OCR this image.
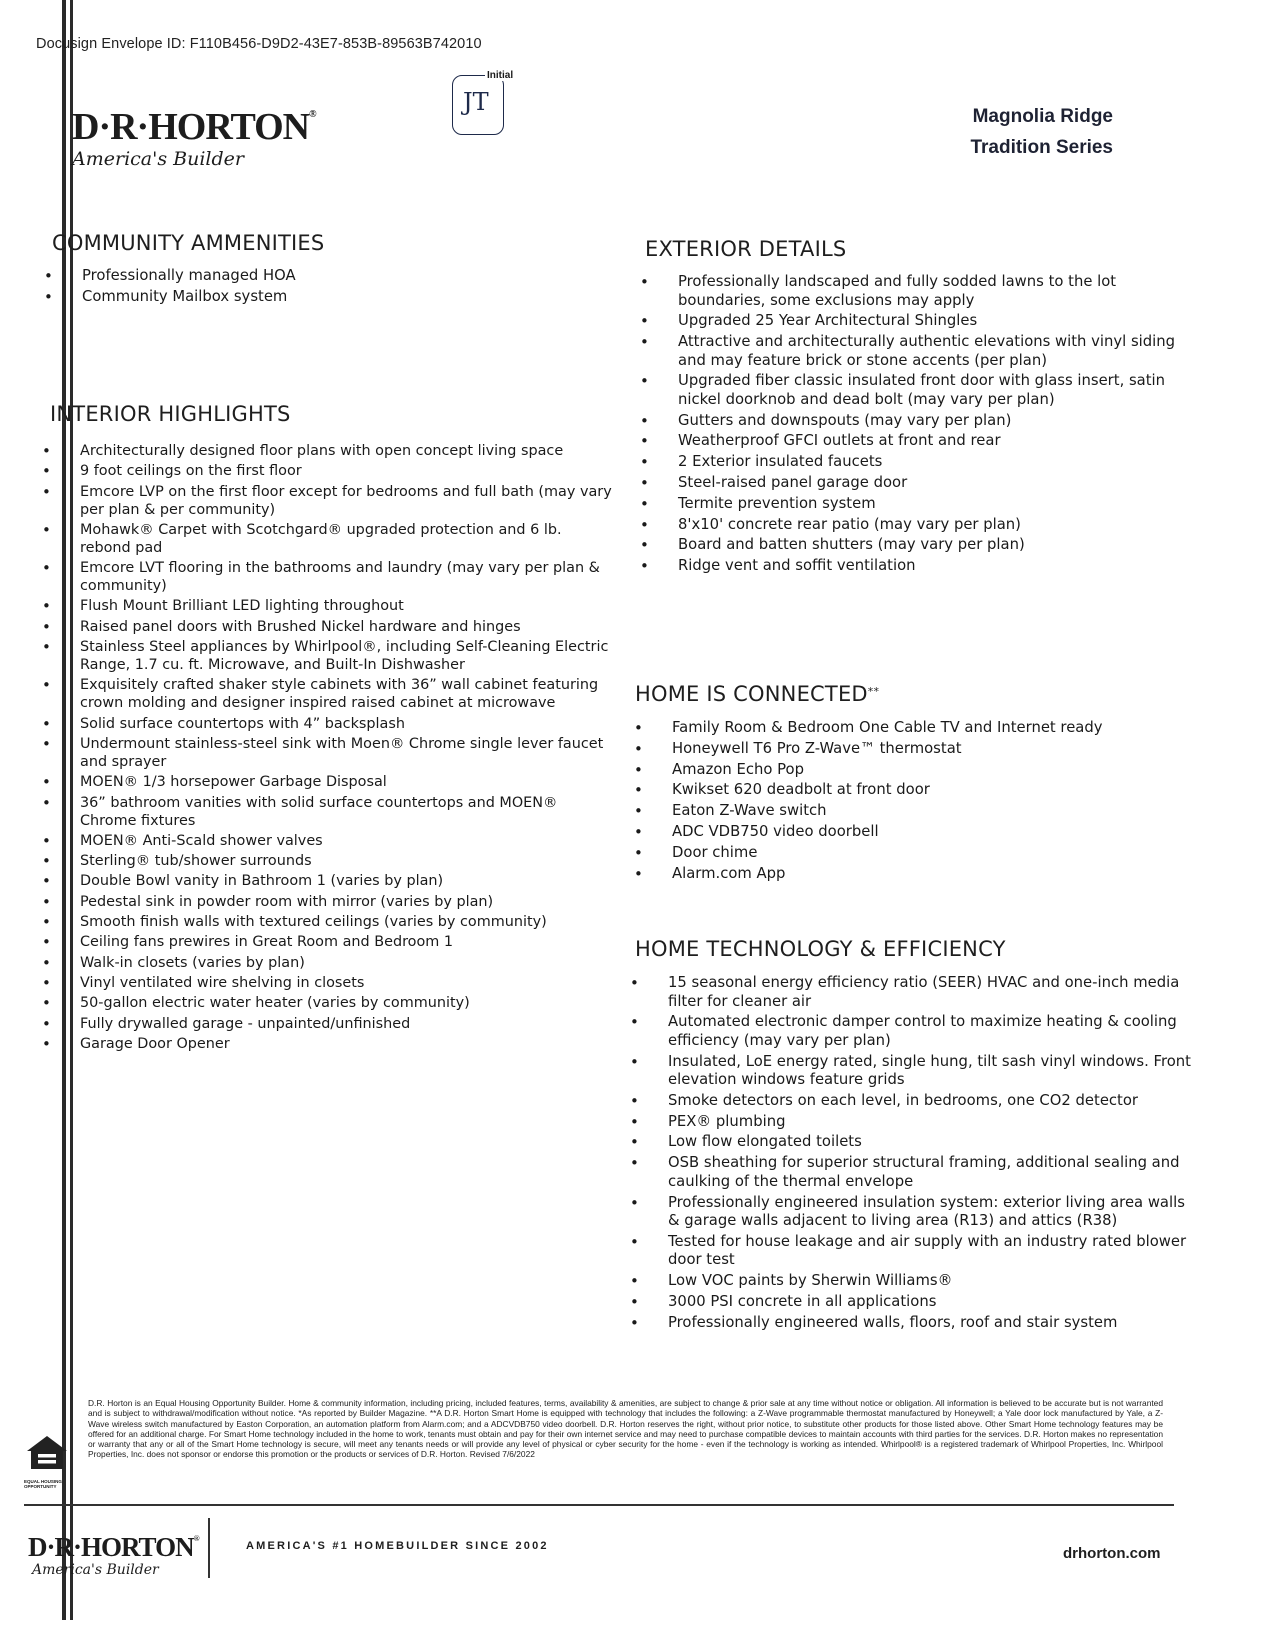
Docusign Envelope ID: F110B456-D9D2-43E7-853B-89563B742010
D·R·HORTON®
America's Builder
JT
Initial
Magnolia Ridge
Tradition Series
COMMUNITY AMMENITIES
• Professionally managed HOA
• Community Mailbox system
INTERIOR HIGHLIGHTS
• Architecturally designed floor plans with open concept living space
• 9 foot ceilings on the first floor
• Emcore LVP on the first floor except for bedrooms and full bath (may vary per plan & per community)
• Mohawk® Carpet with Scotchgard® upgraded protection and 6 lb. rebond pad
• Emcore LVT flooring in the bathrooms and laundry (may vary per plan & community)
• Flush Mount Brilliant LED lighting throughout
• Raised panel doors with Brushed Nickel hardware and hinges
• Stainless Steel appliances by Whirlpool®, including Self-Cleaning Electric Range, 1.7 cu. ft. Microwave, and Built-In Dishwasher
• Exquisitely crafted shaker style cabinets with 36” wall cabinet featuring crown molding and designer inspired raised cabinet at microwave
• Solid surface countertops with 4” backsplash
• Undermount stainless-steel sink with Moen® Chrome single lever faucet and sprayer
• MOEN® 1/3 horsepower Garbage Disposal
• 36” bathroom vanities with solid surface countertops and MOEN® Chrome fixtures
• MOEN® Anti-Scald shower valves
• Sterling® tub/shower surrounds
• Double Bowl vanity in Bathroom 1 (varies by plan)
• Pedestal sink in powder room with mirror (varies by plan)
• Smooth finish walls with textured ceilings (varies by community)
• Ceiling fans prewires in Great Room and Bedroom 1
• Walk-in closets (varies by plan)
• Vinyl ventilated wire shelving in closets
• 50-gallon electric water heater (varies by community)
• Fully drywalled garage - unpainted/unfinished
• Garage Door Opener
EXTERIOR DETAILS
• Professionally landscaped and fully sodded lawns to the lot boundaries, some exclusions may apply
• Upgraded 25 Year Architectural Shingles
• Attractive and architecturally authentic elevations with vinyl siding and may feature brick or stone accents (per plan)
• Upgraded fiber classic insulated front door with glass insert, satin nickel doorknob and dead bolt (may vary per plan)
• Gutters and downspouts (may vary per plan)
• Weatherproof GFCI outlets at front and rear
• 2 Exterior insulated faucets
• Steel-raised panel garage door
• Termite prevention system
• 8'x10' concrete rear patio (may vary per plan)
• Board and batten shutters (may vary per plan)
• Ridge vent and soffit ventilation
HOME IS CONNECTED**
• Family Room & Bedroom One Cable TV and Internet ready
• Honeywell T6 Pro Z-Wave™ thermostat
• Amazon Echo Pop
• Kwikset 620 deadbolt at front door
• Eaton Z-Wave switch
• ADC VDB750 video doorbell
• Door chime
• Alarm.com App
HOME TECHNOLOGY & EFFICIENCY
• 15 seasonal energy efficiency ratio (SEER) HVAC and one-inch media filter for cleaner air
• Automated electronic damper control to maximize heating & cooling efficiency (may vary per plan)
• Insulated, LoE energy rated, single hung, tilt sash vinyl windows. Front elevation windows feature grids
• Smoke detectors on each level, in bedrooms, one CO2 detector
• PEX® plumbing
• Low flow elongated toilets
• OSB sheathing for superior structural framing, additional sealing and caulking of the thermal envelope
• Professionally engineered insulation system: exterior living area walls & garage walls adjacent to living area (R13) and attics (R38)
• Tested for house leakage and air supply with an industry rated blower door test
• Low VOC paints by Sherwin Williams®
• 3000 PSI concrete in all applications
• Professionally engineered walls, floors, roof and stair system
EQUAL HOUSING OPPORTUNITY
D.R. Horton is an Equal Housing Opportunity Builder. Home & community information, including pricing, included features, terms, availability & amenities, are subject to change & prior sale at any time without notice or obligation. All information is believed to be accurate but is not warranted and is subject to withdrawal/modification without notice. *As reported by Builder Magazine. **A D.R. Horton Smart Home is equipped with technology that includes the following: a Z-Wave programmable thermostat manufactured by Honeywell; a Yale door lock manufactured by Yale, a Z-Wave wireless switch manufactured by Easton Corporation, an automation platform from Alarm.com; and a ADCVDB750 video doorbell. D.R. Horton reserves the right, without prior notice, to substitute other products for those listed above. Other Smart Home technology features may be offered for an additional charge. For Smart Home technology included in the home to work, tenants must obtain and pay for their own internet service and may need to purchase compatible devices to maintain accounts with third parties for the services. D.R. Horton makes no representation or warranty that any or all of the Smart Home technology is secure, will meet any tenants needs or will provide any level of physical or cyber security for the home - even if the technology is working as intended. Whirlpool® is a registered trademark of Whirlpool Properties, Inc. Whirlpool Properties, Inc. does not sponsor or endorse this promotion or the products or services of D.R. Horton. Revised 7/6/2022
D·R·HORTON®
America's Builder
AMERICA'S #1 HOMEBUILDER SINCE 2002	drhorton.com
